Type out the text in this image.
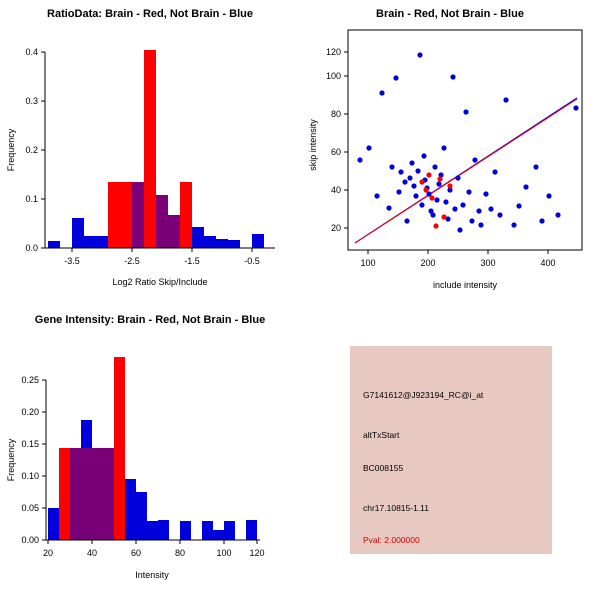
RatioData: Brain - Red, Not Brain - Blue
0.0
0.1
0.2
0.3
0.4
-3.5	-2.5	-1.5	-0.5
Log2 Ratio Skip/Include
Frequency
Brain - Red, Not Brain - Blue
20
40
60
80
100
120
100	200	300	400
include intensity
skip intensity
Gene Intensity: Brain - Red, Not Brain - Blue
0.00
0.05
0.10
0.15
0.20
0.25
20	40	60	80	100 120
Intensity
Frequency
G7141612@J923194_RC@i_at
altTxStart
BC008155
chr17.10815-1.11
Pval: 2.000000
